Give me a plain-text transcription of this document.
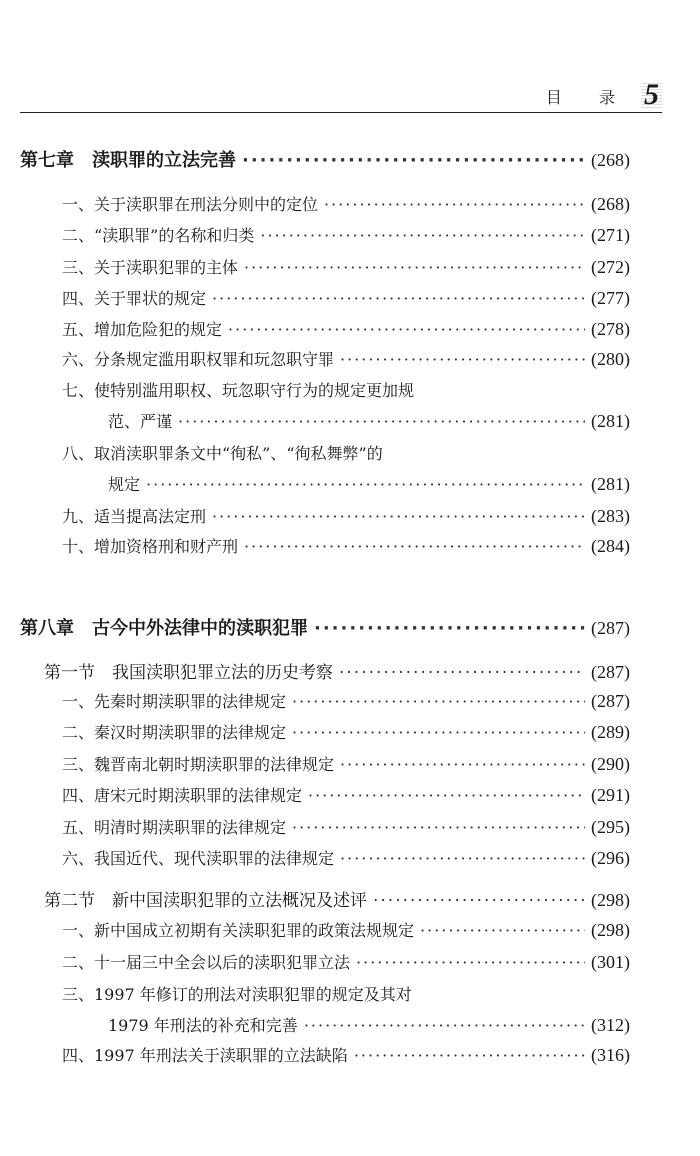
目 录 5
第七章　渎职罪的立法完善 ·····	(268)
一、关于渎职罪在刑法分则中的定位 ·····	(268)
二、“渎职罪”的名称和归类 ·····	(271)
三、关于渎职犯罪的主体 ·····	(272)
四、关于罪状的规定 ·····	(277)
五、增加危险犯的规定 ·····	(278)
六、分条规定滥用职权罪和玩忽职守罪 ·····	(280)
七、使特别滥用职权、玩忽职守行为的规定更加规
范、严谨 ·····	(281)
八、取消渎职罪条文中“徇私”、“徇私舞弊”的
规定 ·····	(281)
九、适当提高法定刑 ·····	(283)
十、增加资格刑和财产刑 ·····	(284)
第八章　古今中外法律中的渎职犯罪 ·····	(287)
第一节　我国渎职犯罪立法的历史考察 ·····	(287)
一、先秦时期渎职罪的法律规定 ·····	(287)
二、秦汉时期渎职罪的法律规定 ·····	(289)
三、魏晋南北朝时期渎职罪的法律规定 ·····	(290)
四、唐宋元时期渎职罪的法律规定 ·····	(291)
五、明清时期渎职罪的法律规定 ·····	(295)
六、我国近代、现代渎职罪的法律规定 ·····	(296)
第二节　新中国渎职犯罪的立法概况及述评 ·····	(298)
一、新中国成立初期有关渎职犯罪的政策法规规定 ·····	(298)
二、十一届三中全会以后的渎职犯罪立法 ·····	(301)
三、1997 年修订的刑法对渎职犯罪的规定及其对
1979 年刑法的补充和完善 ·····	(312)
四、1997 年刑法关于渎职罪的立法缺陷 ·····	(316)
